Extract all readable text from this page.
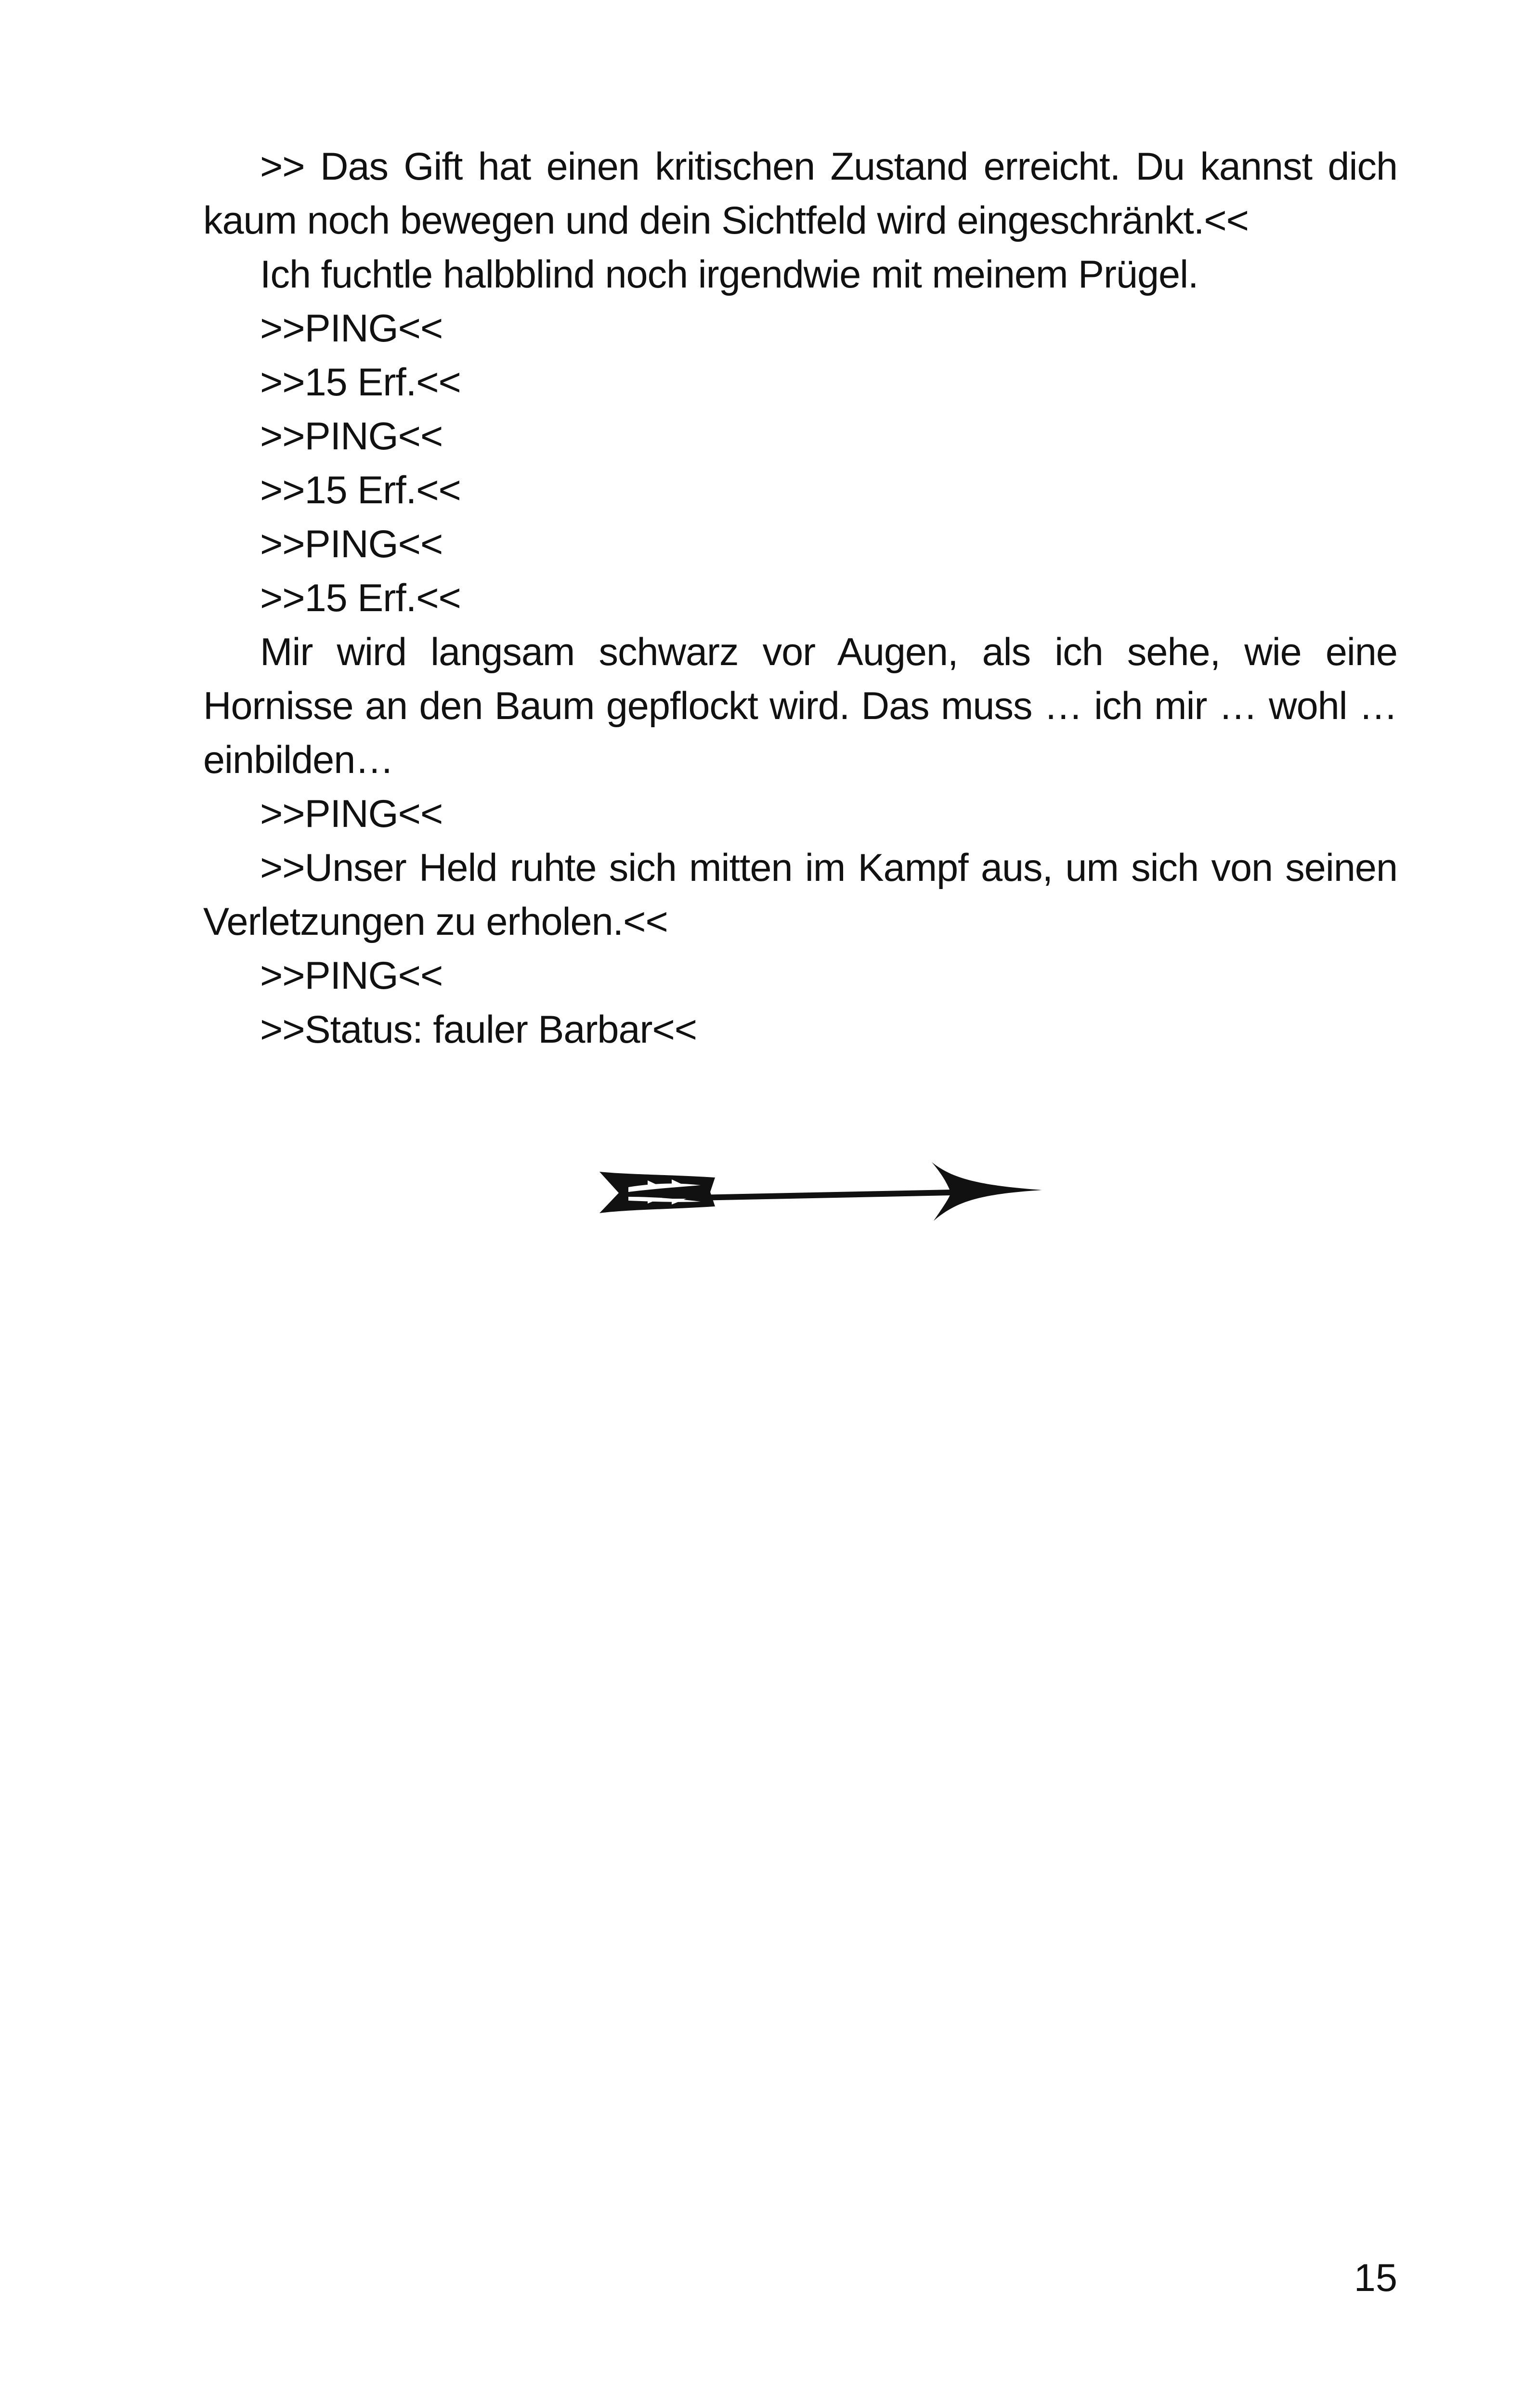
>> Das Gift hat einen kritischen Zustand erreicht. Du kannst dich kaum noch bewegen und dein Sichtfeld wird eingeschränkt.<<

Ich fuchtle halbblind noch irgendwie mit meinem Prügel.

>>PING<<

>>15 Erf.<<

>>PING<<

>>15 Erf.<<

>>PING<<

>>15 Erf.<<

Mir wird langsam schwarz vor Augen, als ich sehe, wie eine Hornisse an den Baum gepflockt wird. Das muss … ich mir … wohl … einbilden…

>>PING<<

>>Unser Held ruhte sich mitten im Kampf aus, um sich von seinen Verletzungen zu erholen.<<

>>PING<<

>>Status: fauler Barbar<<

15
